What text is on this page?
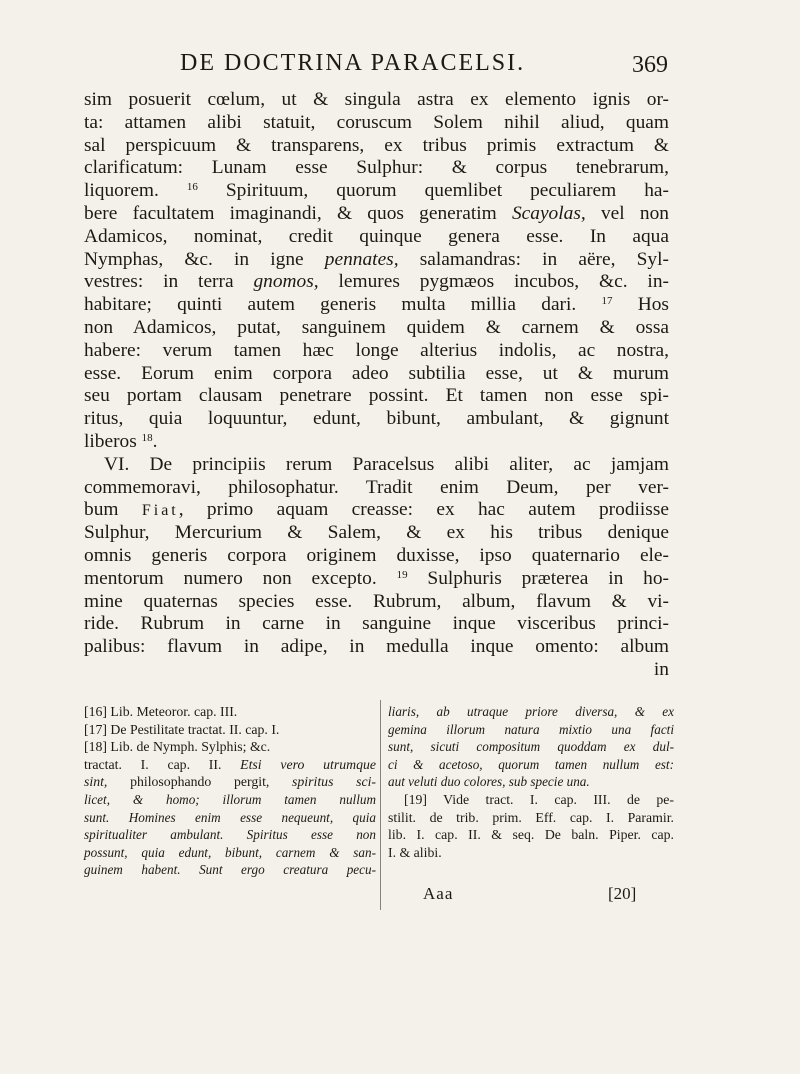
DE DOCTRINA PARACELSI.	369
sim posuerit cœlum, ut & singula astra ex elemento ignis or-
ta: attamen alibi statuit, coruscum Solem nihil aliud, quam
sal perspicuum & transparens, ex tribus primis extractum &
clarificatum: Lunam esse Sulphur: & corpus tenebrarum,
liquorem.	$^{16}$ Spirituum, quorum quemlibet peculiarem ha-
bere facultatem imaginandi, & quos generatim Scayolas, vel non
Adamicos, nominat, credit quinque genera esse. In aqua
Nymphas, &c. in igne pennates, salamandras: in aëre, Syl-
vestres: in terra gnomos, lemures pygmæos incubos, &c. in-
habitare; quinti autem generis multa millia dari. $^{17}$ Hos
non Adamicos, putat, sanguinem quidem & carnem & ossa
habere: verum tamen hæc longe alterius indolis, ac nostra,
esse. Eorum enim corpora adeo subtilia esse, ut & murum
seu portam clausam penetrare possint. Et tamen non esse spi-
ritus, quia loquuntur, edunt, bibunt, ambulant, & gignunt
liberos $^{18}$.
VI. De principiis rerum Paracelsus alibi aliter, ac jamjam
commemoravi, philosophatur. Tradit enim Deum, per ver-
bum Fiat, primo aquam creasse: ex hac autem prodiisse
Sulphur, Mercurium & Salem, & ex his tribus denique
omnis generis corpora originem duxisse, ipso quaternario ele-
mentorum numero non excepto. $^{19}$ Sulphuris præterea in ho-
mine quaternas species esse. Rubrum, album, flavum & vi-
ride. Rubrum in carne in sanguine inque visceribus princi-
palibus: flavum in adipe, in medulla inque omento: album
in
[16] Lib. Meteoror. cap. III.
[17] De Pestilitate tractat. II. cap. I.
[18] Lib. de Nymph. Sylphis; &c.
tractat. I. cap. II. Etsi vero utrumque
sint, philosophando pergit, spiritus sci-
licet, & homo; illorum tamen nullum
sunt. Homines enim esse nequeunt, quia
spiritualiter ambulant. Spiritus esse non
possunt, quia edunt, bibunt, carnem & san-
guinem habent. Sunt ergo creatura pecu-
liaris, ab utraque priore diversa, & ex
gemina illorum natura mixtio una facti
sunt, sicuti compositum quoddam ex dul-
ci & acetoso, quorum tamen nullum est:
aut veluti duo colores, sub specie una.
[19] Vide tract. I. cap. III. de pe-
stilit. de trib. prim. Eff. cap. I. Paramir.
lib. I. cap. II. & seq. De baln. Piper. cap.
I. & alibi.
Aaa	[20]
